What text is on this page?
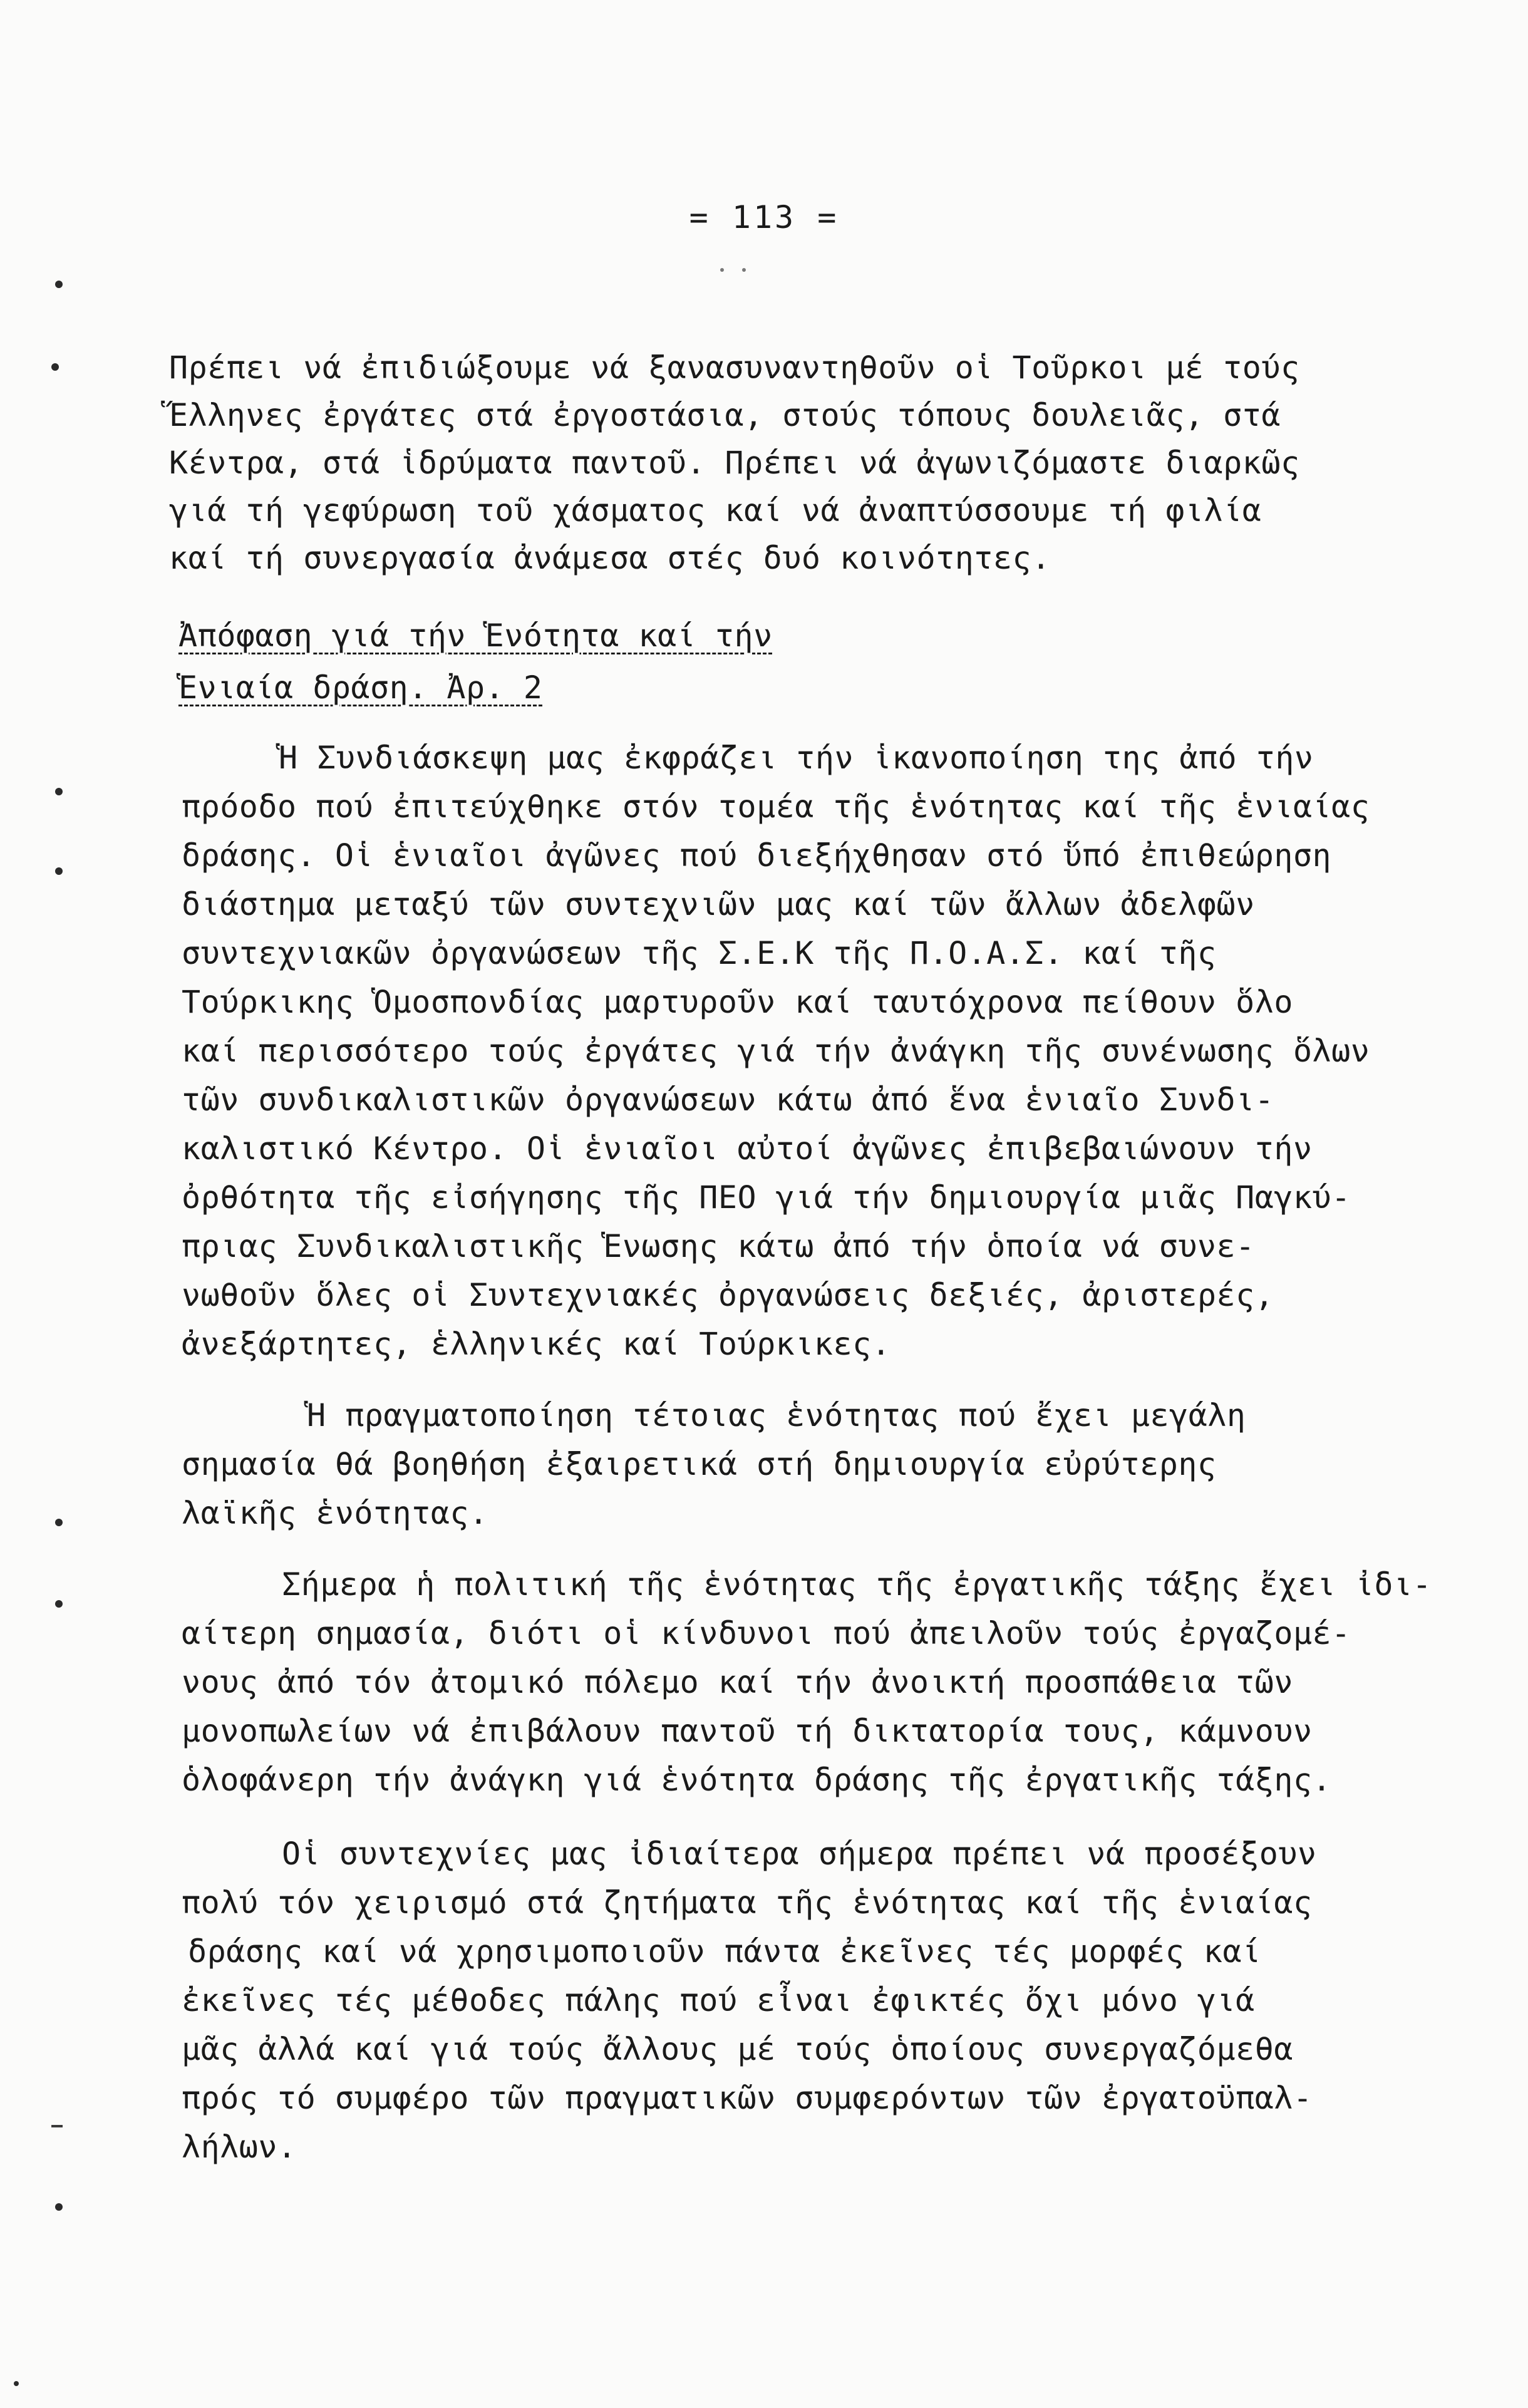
= 113 =
Πρέπει νά ἐπιδιώξουμε νά ξανασυναντηθοῦν οἱ Τοῦρκοι μέ τούς
Ἕλληνες ἐργάτες στά ἐργοστάσια, στούς τόπους δουλειᾶς, στά
Κέντρα, στά ἱδρύματα παντοῦ. Πρέπει νά ἀγωνιζόμαστε διαρκῶς
γιά τή γεφύρωση τοῦ χάσματος καί νά ἀναπτύσσουμε τή φιλία
καί τή συνεργασία ἀνάμεσα στές δυό κοινότητες.
Ἀπόφαση γιά τήν Ἑνότητα καί τήν
Ἑνιαία δράση. Ἀρ. 2
Ἡ Συνδιάσκεψη μας ἐκφράζει τήν ἱκανοποίηση της ἀπό τήν
πρόοδο πού ἐπιτεύχθηκε στόν τομέα τῆς ἑνότητας καί τῆς ἑνιαίας
δράσης. Οἱ ἑνιαῖοι ἀγῶνες πού διεξήχθησαν στό ὕπό ἐπιθεώρηση
διάστημα μεταξύ τῶν συντεχνιῶν μας καί τῶν ἄλλων ἀδελφῶν
συντεχνιακῶν ὀργανώσεων τῆς Σ.Ε.Κ τῆς Π.Ο.Α.Σ. καί τῆς
Τούρκικης Ὁμοσπονδίας μαρτυροῦν καί ταυτόχρονα πείθουν ὅλο
καί περισσότερο τούς ἐργάτες γιά τήν ἀνάγκη τῆς συνένωσης ὅλων
τῶν συνδικαλιστικῶν ὀργανώσεων κάτω ἀπό ἕνα ἑνιαῖο Συνδι-
καλιστικό Κέντρο. Οἱ ἑνιαῖοι αὐτοί ἀγῶνες ἐπιβεβαιώνουν τήν
ὀρθότητα τῆς εἰσήγησης τῆς ΠΕΟ γιά τήν δημιουργία μιᾶς Παγκύ-
πριας Συνδικαλιστικῆς Ἑνωσης κάτω ἀπό τήν ὁποία νά συνε-
νωθοῦν ὅλες οἱ Συντεχνιακές ὀργανώσεις δεξιές, ἀριστερές,
ἀνεξάρτητες, ἑλληνικές καί Τούρκικες.
Ἡ πραγματοποίηση τέτοιας ἑνότητας πού ἔχει μεγάλη
σημασία θά βοηθήση ἐξαιρετικά στή δημιουργία εὐρύτερης
λαϊκῆς ἑνότητας.
Σήμερα ἡ πολιτική τῆς ἑνότητας τῆς ἐργατικῆς τάξης ἔχει ἰδι-
αίτερη σημασία, διότι οἱ κίνδυνοι πού ἀπειλοῦν τούς ἐργαζομέ-
νους ἀπό τόν ἀτομικό πόλεμο καί τήν ἀνοικτή προσπάθεια τῶν
μονοπωλείων νά ἐπιβάλουν παντοῦ τή δικτατορία τους, κάμνουν
ὁλοφάνερη τήν ἀνάγκη γιά ἑνότητα δράσης τῆς ἐργατικῆς τάξης.
Οἱ συντεχνίες μας ἰδιαίτερα σήμερα πρέπει νά προσέξουν
πολύ τόν χειρισμό στά ζητήματα τῆς ἑνότητας καί τῆς ἑνιαίας
δράσης καί νά χρησιμοποιοῦν πάντα ἐκεῖνες τές μορφές καί
ἐκεῖνες τές μέθοδες πάλης πού εἶναι ἐφικτές ὄχι μόνο γιά
μᾶς ἀλλά καί γιά τούς ἄλλους μέ τούς ὁποίους συνεργαζόμεθα
πρός τό συμφέρο τῶν πραγματικῶν συμφερόντων τῶν ἐργατοϋπαλ-
λήλων.
